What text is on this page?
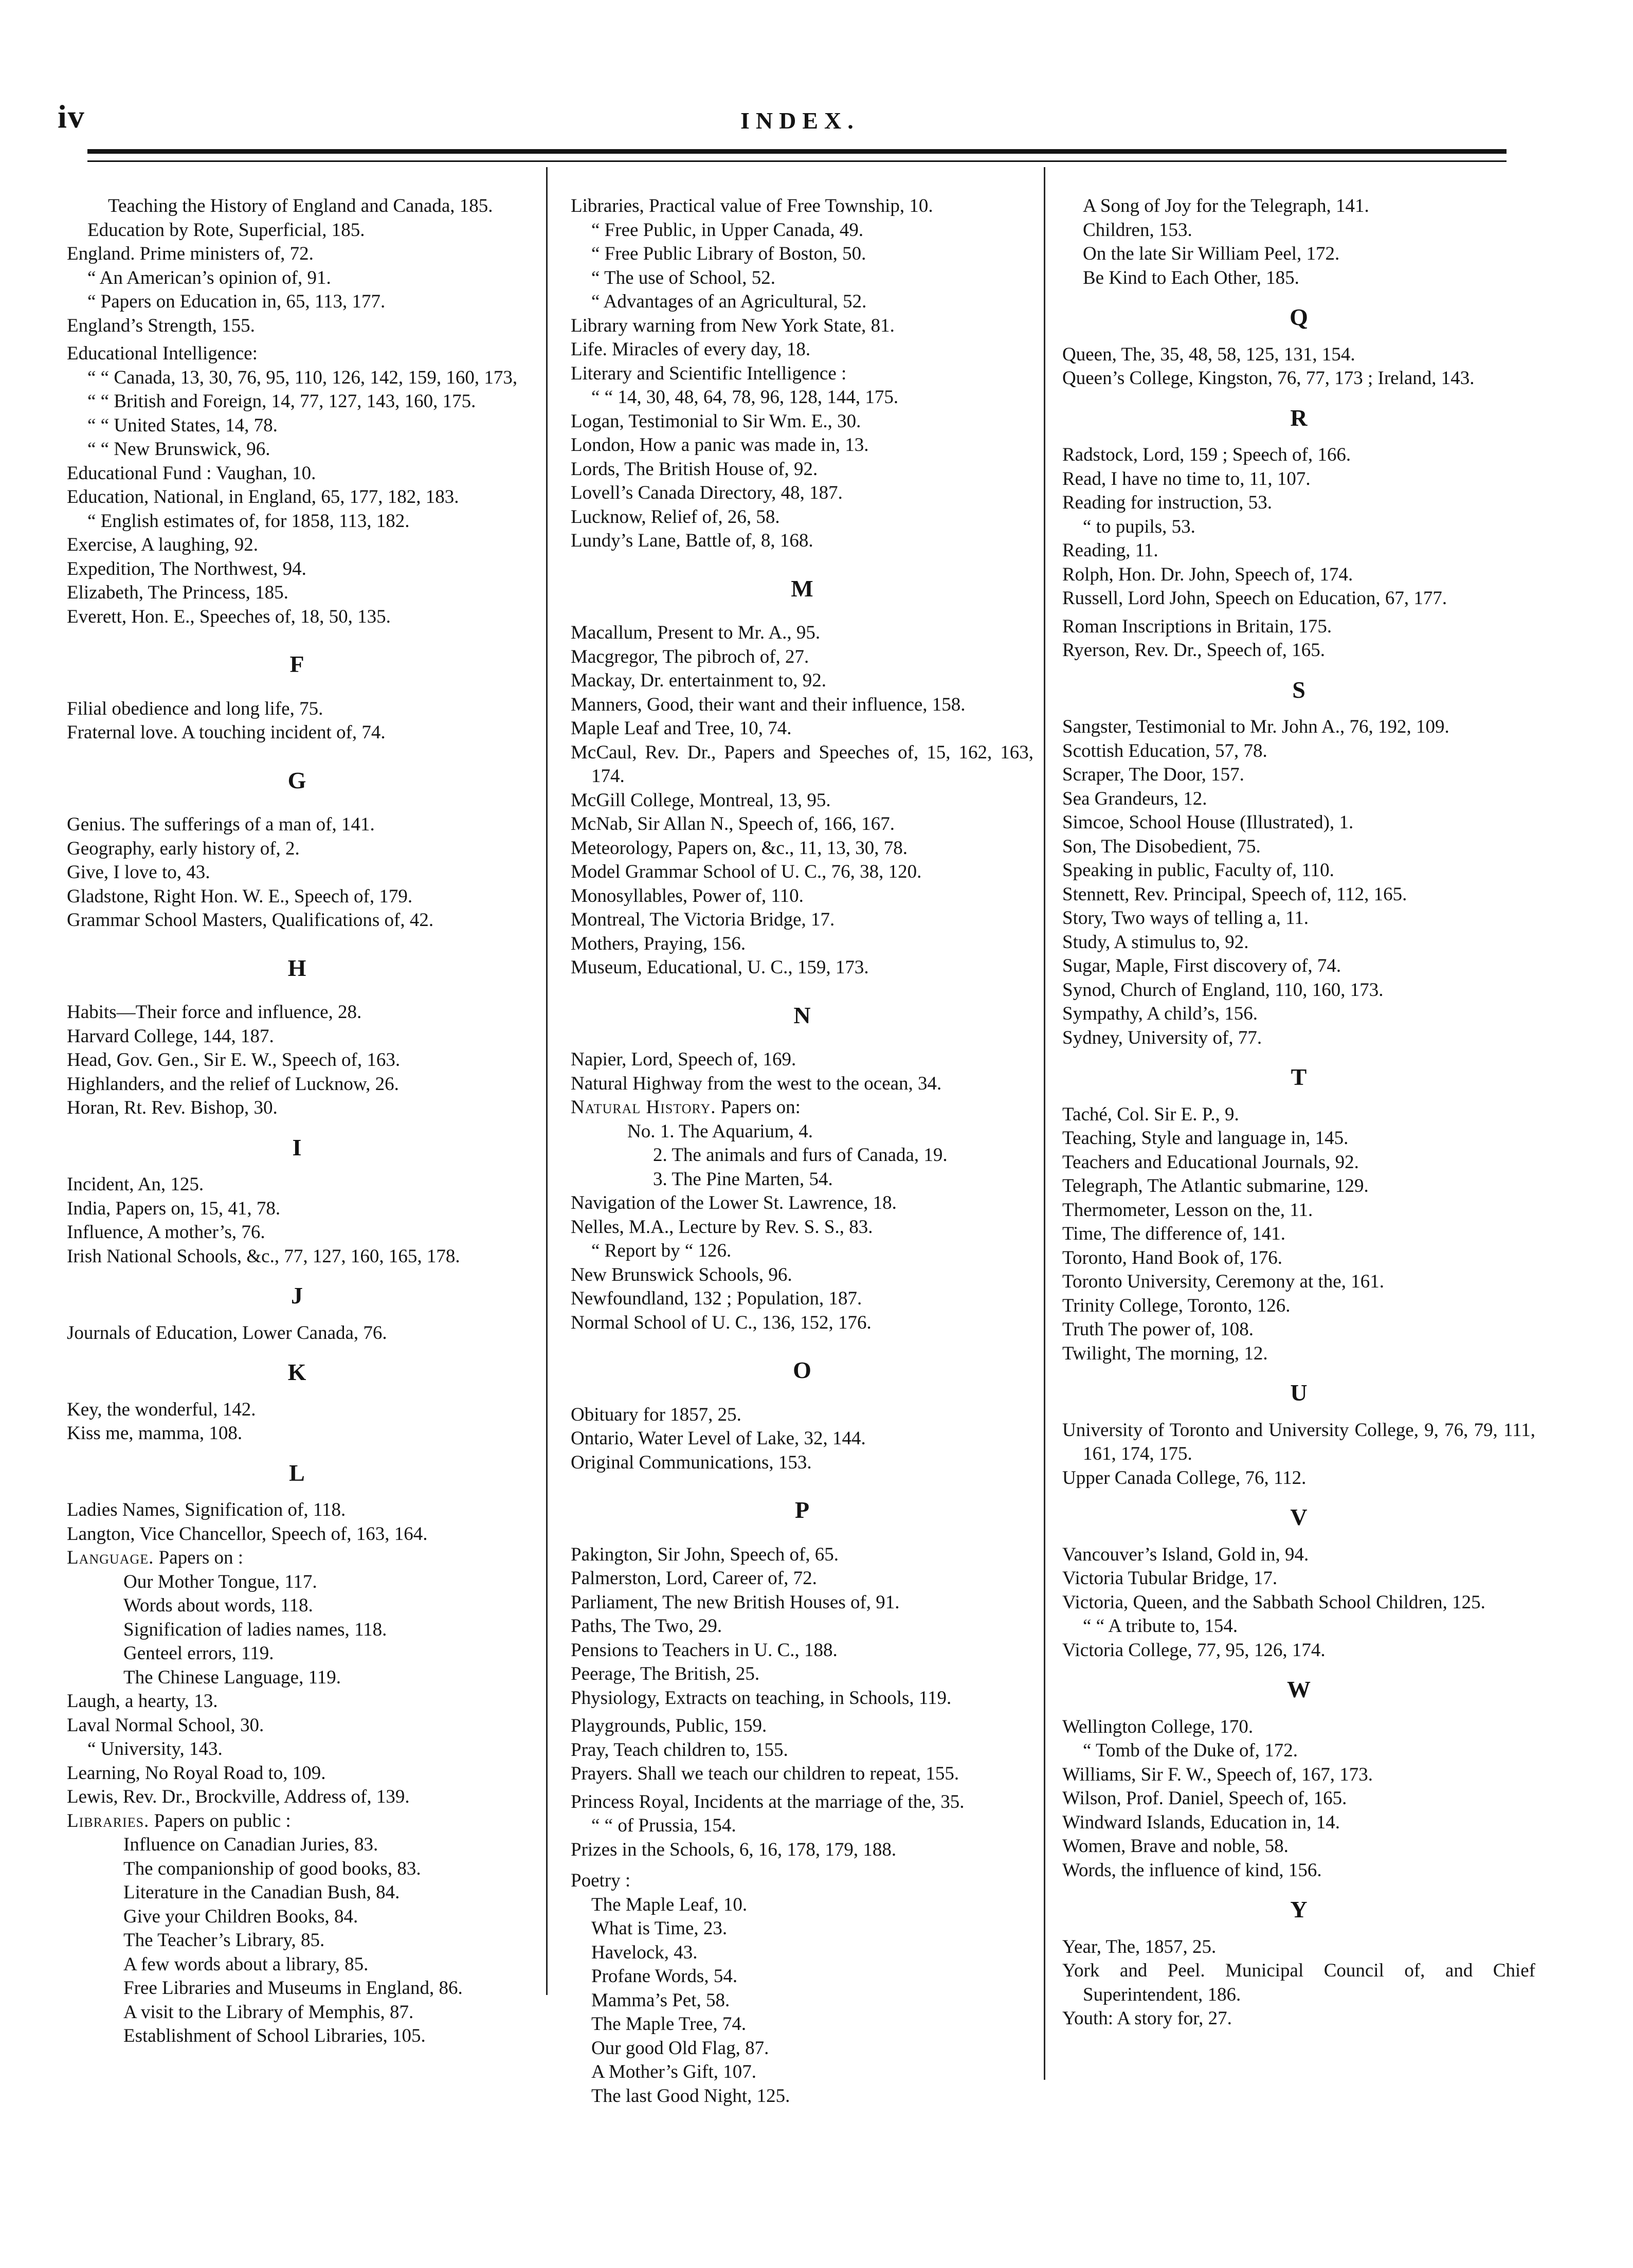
iv	INDEX.

Teaching the History of England and Canada, 185.

Education by Rote, Superficial, 185.

England. Prime ministers of, 72.

“ An American’s opinion of, 91.

“ Papers on Education in, 65, 113, 177.

England’s Strength, 155.

Educational Intelligence:

“ “ Canada, 13, 30, 76, 95, 110, 126, 142, 159, 160, 173,

“ “ British and Foreign, 14, 77, 127, 143, 160, 175.

“ “ United States, 14, 78.

“ “ New Brunswick, 96.

Educational Fund : Vaughan, 10.

Education, National, in England, 65, 177, 182, 183.

“ English estimates of, for 1858, 113, 182.

Exercise, A laughing, 92.

Expedition, The Northwest, 94.

Elizabeth, The Princess, 185.

Everett, Hon. E., Speeches of, 18, 50, 135.

F

Filial obedience and long life, 75.

Fraternal love. A touching incident of, 74.

G

Genius. The sufferings of a man of, 141.

Geography, early history of, 2.

Give, I love to, 43.

Gladstone, Right Hon. W. E., Speech of, 179.

Grammar School Masters, Qualifications of, 42.

H

Habits—Their force and influence, 28.

Harvard College, 144, 187.

Head, Gov. Gen., Sir E. W., Speech of, 163.

Highlanders, and the relief of Lucknow, 26.

Horan, Rt. Rev. Bishop, 30.

I

Incident, An, 125.

India, Papers on, 15, 41, 78.

Influence, A mother’s, 76.

Irish National Schools, &c., 77, 127, 160, 165, 178.

J

Journals of Education, Lower Canada, 76.

K

Key, the wonderful, 142.

Kiss me, mamma, 108.

L

Ladies Names, Signification of, 118.

Langton, Vice Chancellor, Speech of, 163, 164.

Language. Papers on :

Our Mother Tongue, 117.

Words about words, 118.

Signification of ladies names, 118.

Genteel errors, 119.

The Chinese Language, 119.

Laugh, a hearty, 13.

Laval Normal School, 30.

“ University, 143.

Learning, No Royal Road to, 109.

Lewis, Rev. Dr., Brockville, Address of, 139.

Libraries. Papers on public :

Influence on Canadian Juries, 83.

The companionship of good books, 83.

Literature in the Canadian Bush, 84.

Give your Children Books, 84.

The Teacher’s Library, 85.

A few words about a library, 85.

Free Libraries and Museums in England, 86.

A visit to the Library of Memphis, 87.

Establishment of School Libraries, 105.

Libraries, Practical value of Free Township, 10.

“ Free Public, in Upper Canada, 49.

“ Free Public Library of Boston, 50.

“ The use of School, 52.

“ Advantages of an Agricultural, 52.

Library warning from New York State, 81.

Life. Miracles of every day, 18.

Literary and Scientific Intelligence :

“ “ 14, 30, 48, 64, 78, 96, 128, 144, 175.

Logan, Testimonial to Sir Wm. E., 30.

London, How a panic was made in, 13.

Lords, The British House of, 92.

Lovell’s Canada Directory, 48, 187.

Lucknow, Relief of, 26, 58.

Lundy’s Lane, Battle of, 8, 168.

M

Macallum, Present to Mr. A., 95.

Macgregor, The pibroch of, 27.

Mackay, Dr. entertainment to, 92.

Manners, Good, their want and their influence, 158.

Maple Leaf and Tree, 10, 74.

McCaul, Rev. Dr., Papers and Speeches of, 15, 162, 163, 174.

McGill College, Montreal, 13, 95.

McNab, Sir Allan N., Speech of, 166, 167.

Meteorology, Papers on, &c., 11, 13, 30, 78.

Model Grammar School of U. C., 76, 38, 120.

Monosyllables, Power of, 110.

Montreal, The Victoria Bridge, 17.

Mothers, Praying, 156.

Museum, Educational, U. C., 159, 173.

N

Napier, Lord, Speech of, 169.

Natural Highway from the west to the ocean, 34.

Natural History. Papers on:

No. 1. The Aquarium, 4.

2. The animals and furs of Canada, 19.

3. The Pine Marten, 54.

Navigation of the Lower St. Lawrence, 18.

Nelles, M.A., Lecture by Rev. S. S., 83.

“ Report by “ 126.

New Brunswick Schools, 96.

Newfoundland, 132 ; Population, 187.

Normal School of U. C., 136, 152, 176.

O

Obituary for 1857, 25.

Ontario, Water Level of Lake, 32, 144.

Original Communications, 153.

P

Pakington, Sir John, Speech of, 65.

Palmerston, Lord, Career of, 72.

Parliament, The new British Houses of, 91.

Paths, The Two, 29.

Pensions to Teachers in U. C., 188.

Peerage, The British, 25.

Physiology, Extracts on teaching, in Schools, 119.

Playgrounds, Public, 159.

Pray, Teach children to, 155.

Prayers. Shall we teach our children to repeat, 155.

Princess Royal, Incidents at the marriage of the, 35.

“ “ of Prussia, 154.

Prizes in the Schools, 6, 16, 178, 179, 188.

Poetry :

The Maple Leaf, 10.

What is Time, 23.

Havelock, 43.

Profane Words, 54.

Mamma’s Pet, 58.

The Maple Tree, 74.

Our good Old Flag, 87.

A Mother’s Gift, 107.

The last Good Night, 125.

A Song of Joy for the Telegraph, 141.

Children, 153.

On the late Sir William Peel, 172.

Be Kind to Each Other, 185.

Q

Queen, The, 35, 48, 58, 125, 131, 154.

Queen’s College, Kingston, 76, 77, 173 ; Ireland, 143.

R

Radstock, Lord, 159 ; Speech of, 166.

Read, I have no time to, 11, 107.

Reading for instruction, 53.

“ to pupils, 53.

Reading, 11.

Rolph, Hon. Dr. John, Speech of, 174.

Russell, Lord John, Speech on Education, 67, 177.

Roman Inscriptions in Britain, 175.

Ryerson, Rev. Dr., Speech of, 165.

S

Sangster, Testimonial to Mr. John A., 76, 192, 109.

Scottish Education, 57, 78.

Scraper, The Door, 157.

Sea Grandeurs, 12.

Simcoe, School House (Illustrated), 1.

Son, The Disobedient, 75.

Speaking in public, Faculty of, 110.

Stennett, Rev. Principal, Speech of, 112, 165.

Story, Two ways of telling a, 11.

Study, A stimulus to, 92.

Sugar, Maple, First discovery of, 74.

Synod, Church of England, 110, 160, 173.

Sympathy, A child’s, 156.

Sydney, University of, 77.

T

Taché, Col. Sir E. P., 9.

Teaching, Style and language in, 145.

Teachers and Educational Journals, 92.

Telegraph, The Atlantic submarine, 129.

Thermometer, Lesson on the, 11.

Time, The difference of, 141.

Toronto, Hand Book of, 176.

Toronto University, Ceremony at the, 161.

Trinity College, Toronto, 126.

Truth The power of, 108.

Twilight, The morning, 12.

U

University of Toronto and University College, 9, 76, 79, 111, 161, 174, 175.

Upper Canada College, 76, 112.

V

Vancouver’s Island, Gold in, 94.

Victoria Tubular Bridge, 17.

Victoria, Queen, and the Sabbath School Children, 125.

“ “ A tribute to, 154.

Victoria College, 77, 95, 126, 174.

W

Wellington College, 170.

“ Tomb of the Duke of, 172.

Williams, Sir F. W., Speech of, 167, 173.

Wilson, Prof. Daniel, Speech of, 165.

Windward Islands, Education in, 14.

Women, Brave and noble, 58.

Words, the influence of kind, 156.

Y

Year, The, 1857, 25.

York and Peel. Municipal Council of, and Chief Superintendent, 186.

Youth: A story for, 27.
